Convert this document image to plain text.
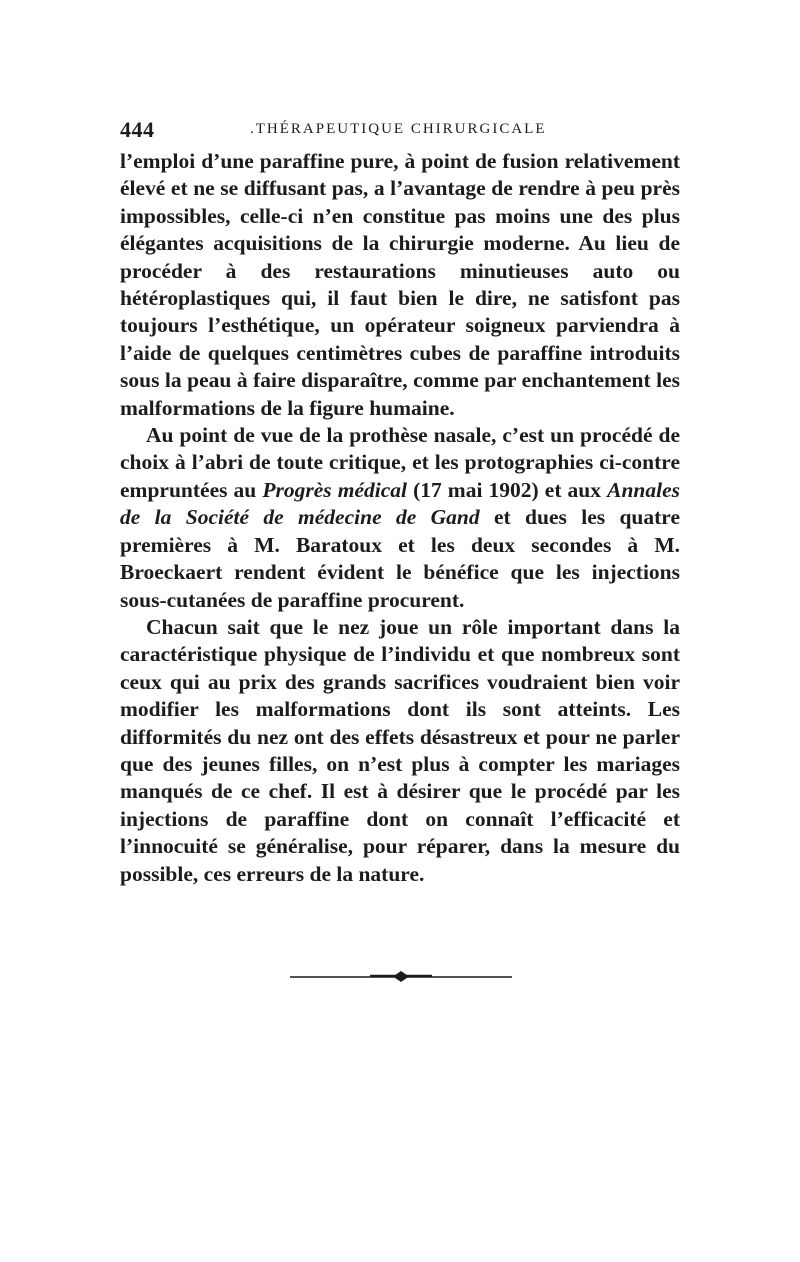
444	.THÉRAPEUTIQUE CHIRURGICALE

l’emploi d’une paraffine pure, à point de fusion relativement élevé et ne se diffusant pas, a l’avantage de rendre à peu près impossibles, celle-ci n’en constitue pas moins une des plus élégantes acquisitions de la chirurgie moderne. Au lieu de procéder à des restaurations minutieuses auto ou hétéroplastiques qui, il faut bien le dire, ne satisfont pas toujours l’esthétique, un opérateur soigneux parviendra à l’aide de quelques centimètres cubes de paraffine introduits sous la peau à faire disparaître, comme par enchantement les malformations de la figure humaine.

Au point de vue de la prothèse nasale, c’est un procédé de choix à l’abri de toute critique, et les protographies ci-contre empruntées au Progrès médical (17 mai 1902) et aux Annales de la Société de médecine de Gand et dues les quatre premières à M. Baratoux et les deux secondes à M. Broeckaert rendent évident le bénéfice que les injections sous-cutanées de paraffine procurent.

Chacun sait que le nez joue un rôle important dans la caractéristique physique de l’individu et que nombreux sont ceux qui au prix des grands sacrifices voudraient bien voir modifier les malformations dont ils sont atteints. Les difformités du nez ont des effets désastreux et pour ne parler que des jeunes filles, on n’est plus à compter les mariages manqués de ce chef. Il est à désirer que le procédé par les injections de paraffine dont on connaît l’efficacité et l’innocuité se généralise, pour réparer, dans la mesure du possible, ces erreurs de la nature.
